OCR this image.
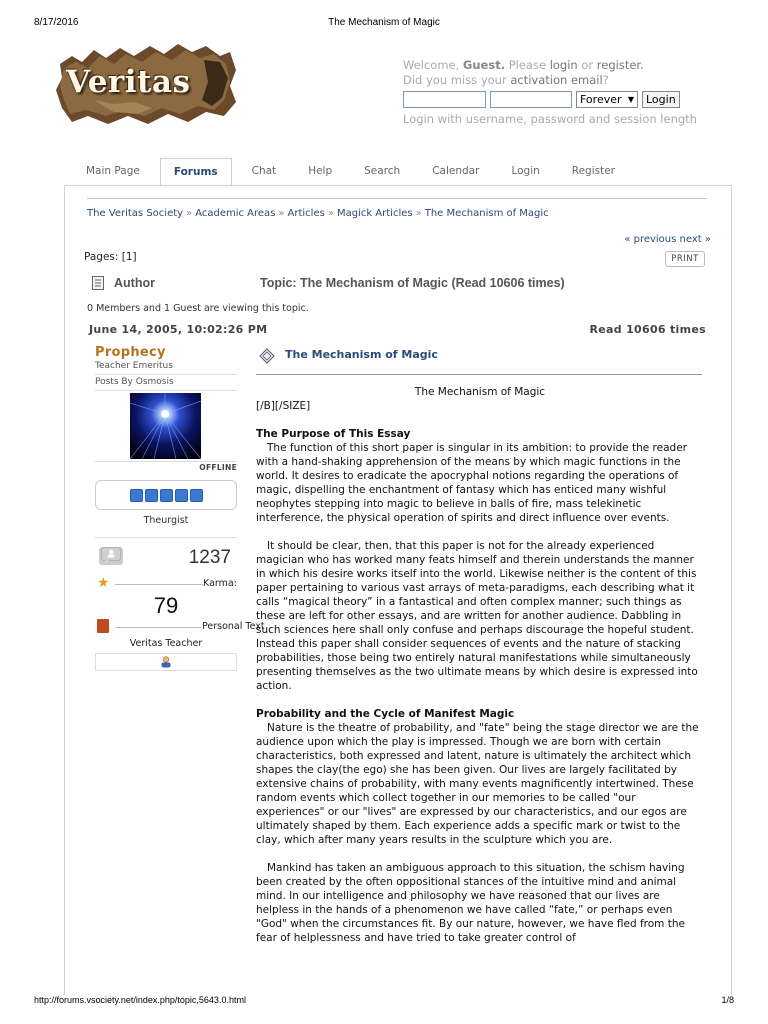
8/17/2016	The Mechanism of Magic
Veritas	Welcome, Guest. Please login or register.
Did you miss your activation email?
Forever ▼	Login
Login with username, password and session length
Main Page	Forums	Chat	Help	Search	Calendar	Login	Register
The Veritas Society » Academic Areas » Articles » Magick Articles » The Mechanism of Magic
« previous next »
Pages: [1]	PRINT
Author	Topic: The Mechanism of Magic (Read 10606 times)
0 Members and 1 Guest are viewing this topic.
June 14, 2005, 10:02:26 PM	Read 10606 times
Prophecy
Teacher Emeritus
Posts By Osmosis
OFFLINE
Theurgist
1237
★	Karma:
79
Personal Text
Veritas Teacher
The Mechanism of Magic

The Mechanism of Magic

[/B][/SIZE]

The Purpose of This Essay

The function of this short paper is singular in its ambition: to provide the reader with a hand-shaking apprehension of the means by which magic functions in the world. It desires to eradicate the apocryphal notions regarding the operations of magic, dispelling the enchantment of fantasy which has enticed many wishful neophytes stepping into magic to believe in balls of fire, mass telekinetic interference, the physical operation of spirits and direct influence over events.

It should be clear, then, that this paper is not for the already experienced magician who has worked many feats himself and therein understands the manner in which his desire works itself into the world. Likewise neither is the content of this paper pertaining to various vast arrays of meta-paradigms, each describing what it calls “magical theory” in a fantastical and often complex manner; such things as these are left for other essays, and are written for another audience. Dabbling in such sciences here shall only confuse and perhaps discourage the hopeful student. Instead this paper shall consider sequences of events and the nature of stacking probabilities, those being two entirely natural manifestations while simultaneously presenting themselves as the two ultimate means by which desire is expressed into action.

Probability and the Cycle of Manifest Magic

Nature is the theatre of probability, and "fate" being the stage director we are the audience upon which the play is impressed. Though we are born with certain characteristics, both expressed and latent, nature is ultimately the architect which shapes the clay(the ego) she has been given. Our lives are largely facilitated by extensive chains of probability, with many events magnificently intertwined. These random events which collect together in our memories to be called "our experiences" or our "lives" are expressed by our characteristics, and our egos are ultimately shaped by them. Each experience adds a specific mark or twist to the clay, which after many years results in the sculpture which you are.

Mankind has taken an ambiguous approach to this situation, the schism having been created by the often oppositional stances of the intuitive mind and animal mind. In our intelligence and philosophy we have reasoned that our lives are helpless in the hands of a phenomenon we have called “fate,” or perhaps even "God" when the circumstances fit. By our nature, however, we have fled from the fear of helplessness and have tried to take greater control of

http://forums.vsociety.net/index.php/topic,5643.0.html	1/8
